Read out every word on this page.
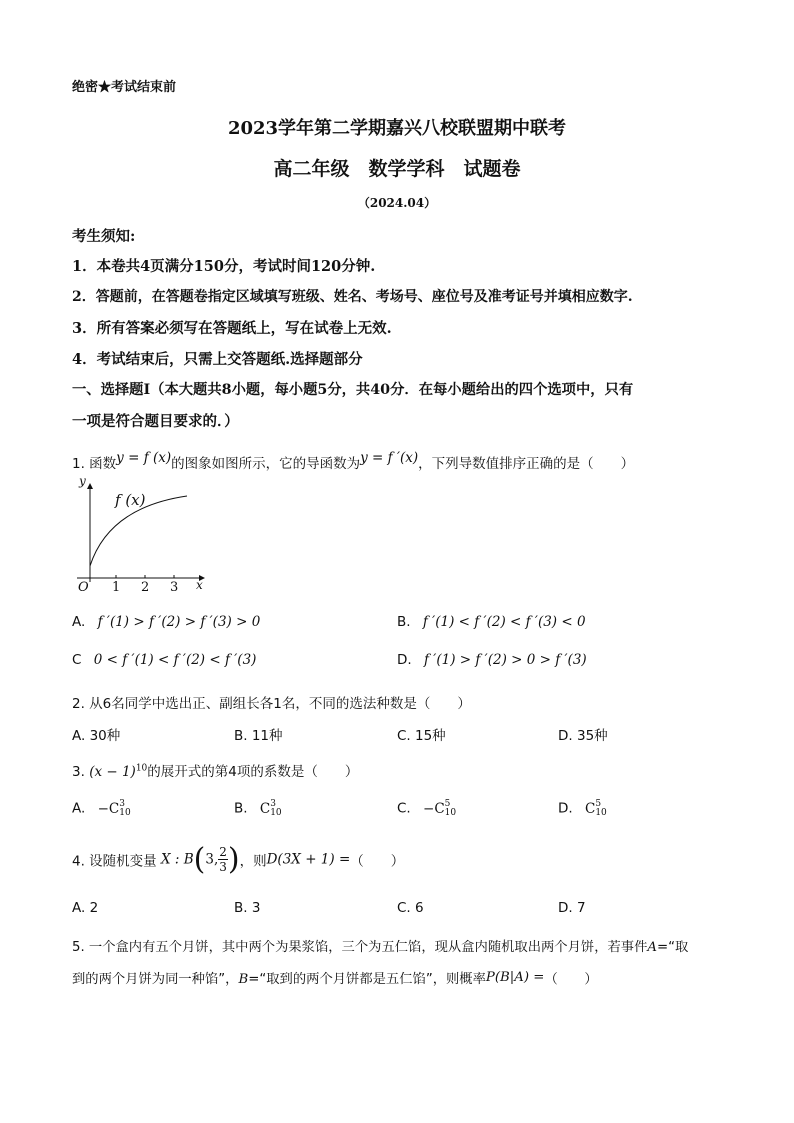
绝密★考试结束前
2023学年第二学期嘉兴八校联盟期中联考
高二年级　数学学科　试题卷
（2024.04）
考生须知:
1．本卷共4页满分150分，考试时间120分钟.
2．答题前，在答题卷指定区域填写班级、姓名、考场号、座位号及准考证号并填相应数字.
3．所有答案必须写在答题纸上，写在试卷上无效.
4．考试结束后，只需上交答题纸.选择题部分
一、选择题Ⅰ（本大题共8小题，每小题5分，共40分．在每小题给出的四个选项中，只有
一项是符合题目要求的．）
1. 函数y = f (x)的图象如图所示，它的导函数为y = f ′(x)，下列导数值排序正确的是（　　）
y
x
O
f (x)
1 2 3
A. f ′(1) > f ′(2) > f ′(3) > 0	B. f ′(1) < f ′(2) < f ′(3) < 0
C 0 < f ′(1) < f ′(2) < f ′(3)	D. f ′(1) > f ′(2) > 0 > f ′(3)
2. 从6名同学中选出正、副组长各1名，不同的选法种数是（　　）
A. 30种	B. 11种	C. 15种	D. 35种
3. $(x - 1)^{10}$的展开式的第4项的系数是（　　）
A. −C 3
10	B. C 3
10	C. −C 5
10	D. C 5
10
4. 设随机变量 X : B(3, $\frac{2}{3}$ )，则D(3X + 1) =（　　）
A. 2	B. 3	C. 6	D. 7
5. 一个盒内有五个月饼，其中两个为果浆馅，三个为五仁馅，现从盒内随机取出两个月饼，若事件A=“取
到的两个月饼为同一种馅”，B=“取到的两个月饼都是五仁馅”，则概率P(B|A) =（　　）
